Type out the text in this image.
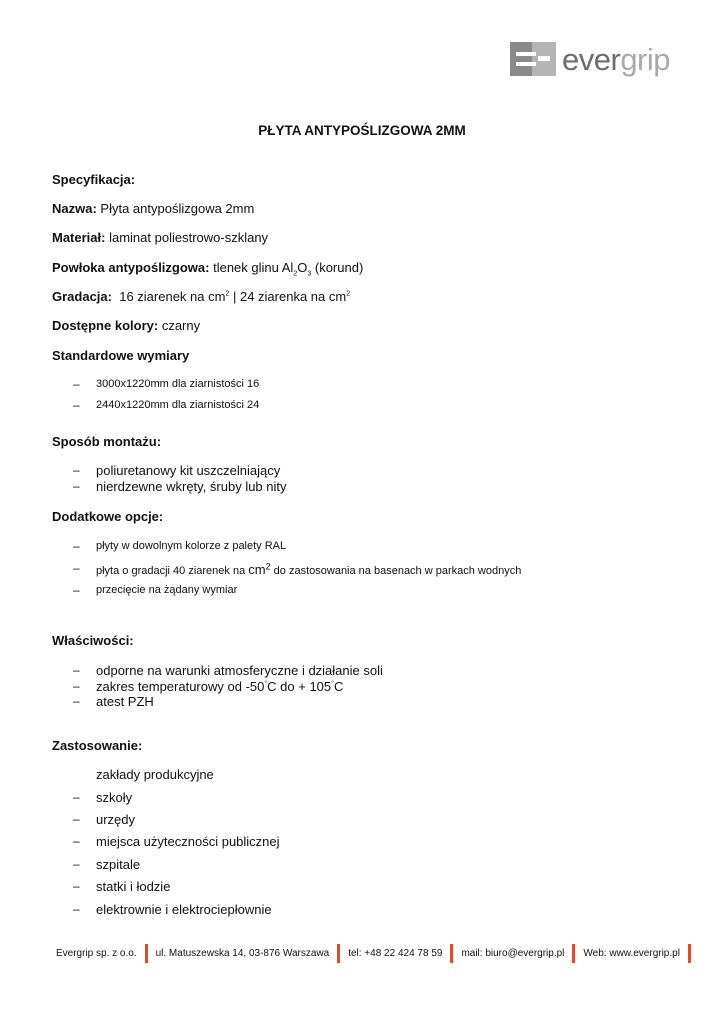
evergrip
PŁYTA ANTYPOŚLIZGOWA 2MM
Specyfikacja:
Nazwa: Płyta antypoślizgowa 2mm
Materiał: laminat poliestrowo-szklany
Powłoka antypoślizgowa: tlenek glinu $Al_2O_3$ (korund)
Gradacja: 16 ziarenek na $cm^2$ | 24 ziarenka na $cm^2$
Dostępne kolory: czarny
Standardowe wymiary
– 3000x1220mm dla ziarnistości 16
– 2440x1220mm dla ziarnistości 24
Sposób montażu:
– poliuretanowy kit uszczelniający
– nierdzewne wkręty, śruby lub nity
Dodatkowe opcje:
– płyty w dowolnym kolorze z palety RAL
– płyta o gradacji 40 ziarenek na $cm^2$ do zastosowania na basenach w parkach wodnych
– przecięcie na żądany wymiar
Właściwości:
– odporne na warunki atmosferyczne i działanie soli
– zakres temperaturowy od -50°C do + 105°C
– atest PZH
Zastosowanie:
zakłady produkcyjne
– szkoły
– urzędy
– miejsca użyteczności publicznej
– szpitale
– statki i łodzie
– elektrownie i elektrociepłownie
Evergrip sp. z o.o. ul. Matuszewska 14, 03-876 Warszawa tel: +48 22 424 78 59 mail: biuro@evergrip.pl Web: www.evergrip.pl
